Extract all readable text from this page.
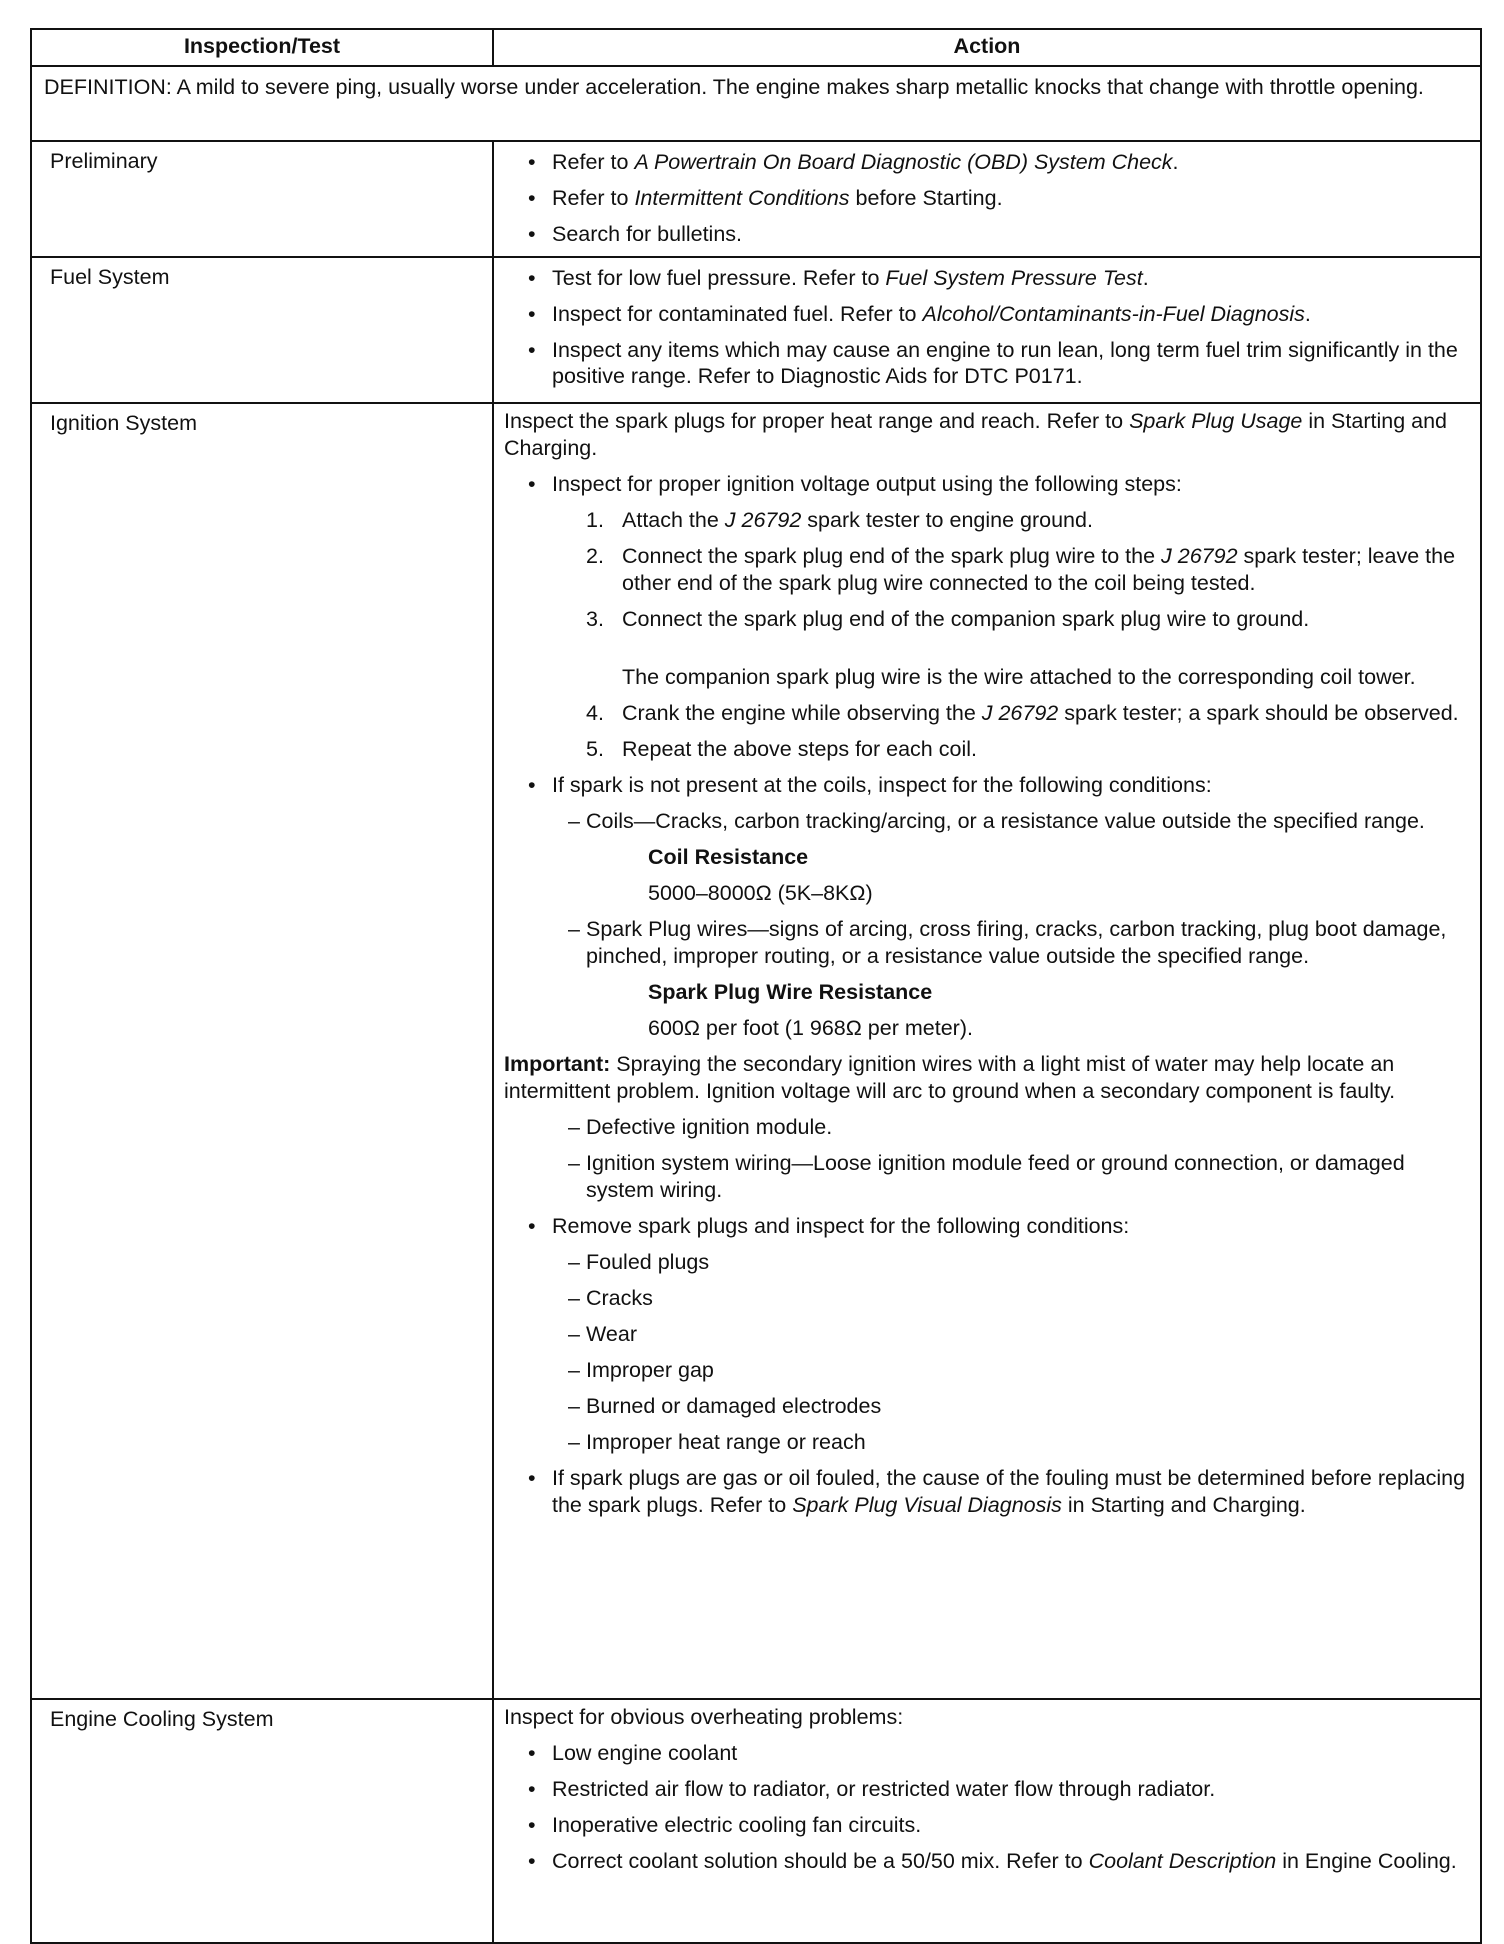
Inspection/Test	Action
DEFINITION: A mild to severe ping, usually worse under acceleration. The engine makes sharp metallic knocks that change with throttle opening.	
Preliminary	• Refer to A Powertrain On Board Diagnostic (OBD) System Check.
• Refer to Intermittent Conditions before Starting.
• Search for bulletins.

Fuel System	• Test for low fuel pressure. Refer to Fuel System Pressure Test.
• Inspect for contaminated fuel. Refer to Alcohol/Contaminants-in-Fuel Diagnosis.
• Inspect any items which may cause an engine to run lean, long term fuel trim significantly in the positive range. Refer to Diagnostic Aids for DTC P0171.

Ignition System	Inspect the spark plugs for proper heat range and reach. Refer to Spark Plug Usage in Starting and Charging.

• Inspect for proper ignition voltage output using the following steps:
1. Attach the J 26792 spark tester to engine ground.
2. Connect the spark plug end of the spark plug wire to the J 26792 spark tester; leave the other end of the spark plug wire connected to the coil being tested.
3. Connect the spark plug end of the companion spark plug wire to ground.
The companion spark plug wire is the wire attached to the corresponding coil tower.
4. Crank the engine while observing the J 26792 spark tester; a spark should be observed.
5. Repeat the above steps for each coil.
• If spark is not present at the coils, inspect for the following conditions:
– Coils—Cracks, carbon tracking/arcing, or a resistance value outside the specified range.
Coil Resistance
5000–8000Ω (5K–8KΩ)
– Spark Plug wires—signs of arcing, cross firing, cracks, carbon tracking, plug boot damage, pinched, improper routing, or a resistance value outside the specified range.
Spark Plug Wire Resistance
600Ω per foot (1 968Ω per meter).

Important: Spraying the secondary ignition wires with a light mist of water may help locate an intermittent problem. Ignition voltage will arc to ground when a secondary component is faulty.

– Defective ignition module.
– Ignition system wiring—Loose ignition module feed or ground connection, or damaged system wiring.
• Remove spark plugs and inspect for the following conditions:
– Fouled plugs
– Cracks
– Wear
– Improper gap
– Burned or damaged electrodes
– Improper heat range or reach
• If spark plugs are gas or oil fouled, the cause of the fouling must be determined before replacing the spark plugs. Refer to Spark Plug Visual Diagnosis in Starting and Charging.

Engine Cooling System	Inspect for obvious overheating problems:

• Low engine coolant
• Restricted air flow to radiator, or restricted water flow through radiator.
• Inoperative electric cooling fan circuits.
• Correct coolant solution should be a 50/50 mix. Refer to Coolant Description in Engine Cooling.
